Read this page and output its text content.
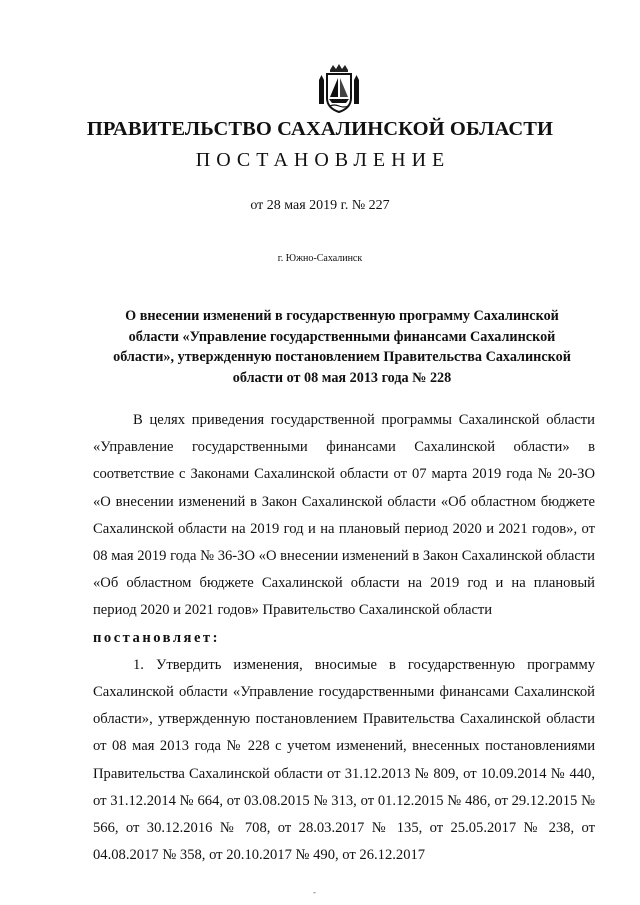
ПРАВИТЕЛЬСТВО САХАЛИНСКОЙ ОБЛАСТИ
ПОСТАНОВЛЕНИЕ
от 28 мая 2019 г. № 227
г. Южно-Сахалинск
О внесении изменений в государственную программу Сахалинской области «Управление государственными финансами Сахалинской области», утвержденную постановлением Правительства Сахалинской области от 08 мая 2013 года № 228

В целях приведения государственной программы Сахалинской области «Управление государственными финансами Сахалинской области» в соответствие с Законами Сахалинской области от 07 марта 2019 года № 20-ЗО «О внесении изменений в Закон Сахалинской области «Об областном бюджете Сахалинской области на 2019 год и на плановый период 2020 и 2021 годов», от 08 мая 2019 года № 36-ЗО «О внесении изменений в Закон Сахалинской области «Об областном бюджете Сахалинской области на 2019 год и на плановый период 2020 и 2021 годов» Правительство Сахалинской области

постановляет:

1. Утвердить изменения, вносимые в государственную программу Сахалинской области «Управление государственными финансами Сахалинской области», утвержденную постановлением Правительства Сахалинской области от 08 мая 2013 года № 228 с учетом изменений, внесенных постановлениями Правительства Сахалинской области от 31.12.2013 № 809, от 10.09.2014 № 440, от 31.12.2014 № 664, от 03.08.2015 № 313, от 01.12.2015 № 486, от 29.12.2015 № 566, от 30.12.2016 № 708, от 28.03.2017 № 135, от 25.05.2017 № 238, от 04.08.2017 № 358, от 20.10.2017 № 490, от 26.12.2017

-
